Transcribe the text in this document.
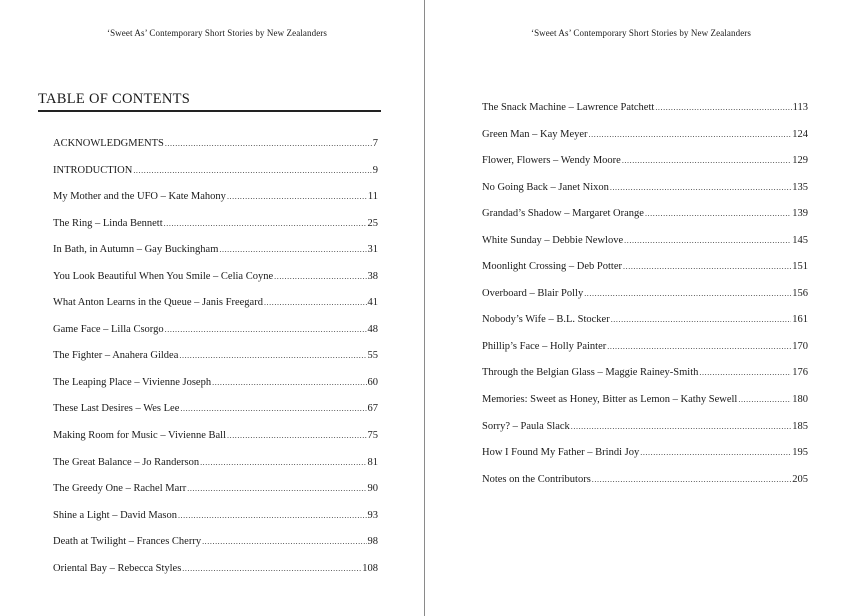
‘Sweet As’ Contemporary Short Stories by New Zealanders
TABLE OF CONTENTS
ACKNOWLEDGMENTS .....	7
INTRODUCTION .....	9
My Mother and the UFO – Kate Mahony .....	11
The Ring – Linda Bennett .....	25
In Bath, in Autumn – Gay Buckingham .....	31
You Look Beautiful When You Smile – Celia Coyne .....	38
What Anton Learns in the Queue – Janis Freegard .....	41
Game Face – Lilla Csorgo .....	48
The Fighter – Anahera Gildea .....	55
The Leaping Place – Vivienne Joseph .....	60
These Last Desires – Wes Lee .....	67
Making Room for Music – Vivienne Ball .....	75
The Great Balance – Jo Randerson .....	81
The Greedy One – Rachel Marr .....	90
Shine a Light – David Mason .....	93
Death at Twilight – Frances Cherry .....	98
Oriental Bay – Rebecca Styles .....	108
‘Sweet As’ Contemporary Short Stories by New Zealanders
The Snack Machine – Lawrence Patchett .....	113
Green Man – Kay Meyer .....	124
Flower, Flowers – Wendy Moore .....	129
No Going Back – Janet Nixon .....	135
Grandad’s Shadow – Margaret Orange .....	139
White Sunday – Debbie Newlove .....	145
Moonlight Crossing – Deb Potter .....	151
Overboard – Blair Polly .....	156
Nobody’s Wife – B.L. Stocker .....	161
Phillip’s Face – Holly Painter .....	170
Through the Belgian Glass – Maggie Rainey-Smith .....	176
Memories: Sweet as Honey, Bitter as Lemon – Kathy Sewell .....	180
Sorry? – Paula Slack .....	185
How I Found My Father – Brindi Joy .....	195
Notes on the Contributors .....	205
